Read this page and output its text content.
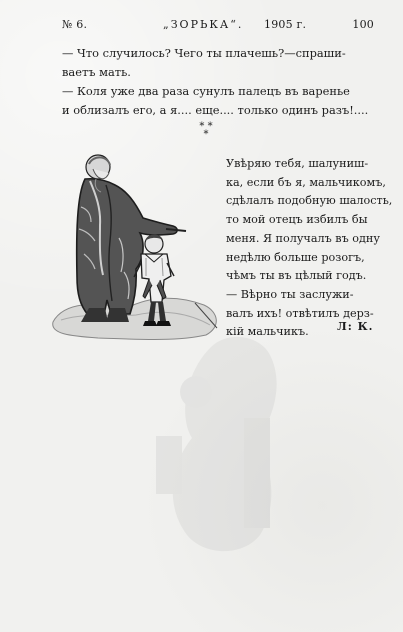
№ 6.	„ЗОРЬКА“. 1905 г.	100
— Что случилось? Чего ты плачешь?—спраши-
ваетъ мать.
— Коля уже два раза сунулъ палецъ въ варенье
и облизалъ его, а я.... еще.... только одинъ разъ!....
* *
*
Увѣряю тебя, шалуниш-
ка, если бъ я, мальчикомъ,
сдѣлалъ подобную шалость,
то мой отецъ избилъ бы
меня. Я получалъ въ одну
недѣлю больше розогъ,
чѣмъ ты въ цѣлый годъ.
— Вѣрно ты заслужи-
валъ ихъ! отвѣтилъ дерз-
кій мальчикъ.	Л: К.
